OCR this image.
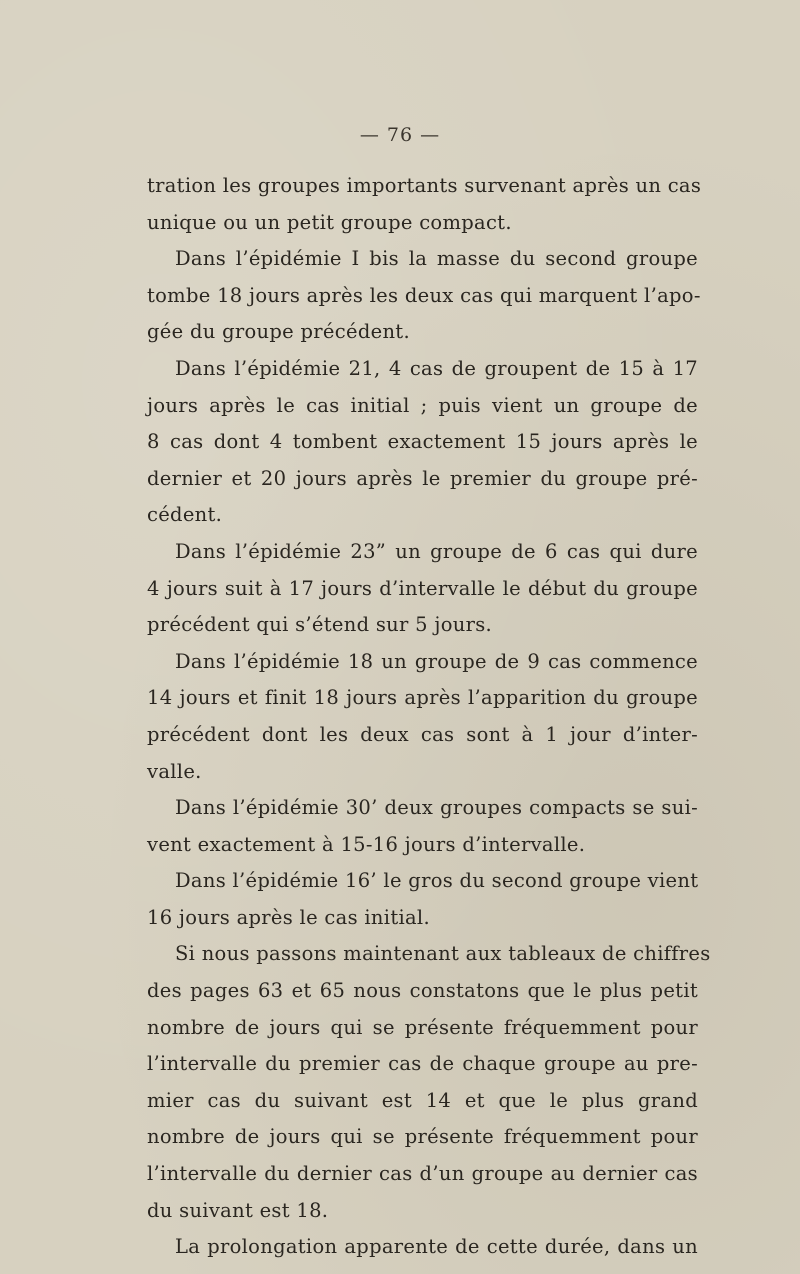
— 76 —
tration les groupes importants survenant après un cas
unique ou un petit groupe compact.
Dans l’épidémie I bis la masse du second groupe
tombe 18 jours après les deux cas qui marquent l’apo-
gée du groupe précédent.
Dans l’épidémie 21, 4 cas de groupent de 15 à 17
jours après le cas initial ; puis vient un groupe de
8 cas dont 4 tombent exactement 15 jours après le
dernier et 20 jours après le premier du groupe pré-
cédent.
Dans l’épidémie 23” un groupe de 6 cas qui dure
4 jours suit à 17 jours d’intervalle le début du groupe
précédent qui s’étend sur 5 jours.
Dans l’épidémie 18 un groupe de 9 cas commence
14 jours et finit 18 jours après l’apparition du groupe
précédent dont les deux cas sont à 1 jour d’inter-
valle.
Dans l’épidémie 30’ deux groupes compacts se sui-
vent exactement à 15-16 jours d’intervalle.
Dans l’épidémie 16’ le gros du second groupe vient
16 jours après le cas initial.
Si nous passons maintenant aux tableaux de chiffres
des pages 63 et 65 nous constatons que le plus petit
nombre de jours qui se présente fréquemment pour
l’intervalle du premier cas de chaque groupe au pre-
mier cas du suivant est 14 et que le plus grand
nombre de jours qui se présente fréquemment pour
l’intervalle du dernier cas d’un groupe au dernier cas
du suivant est 18.
La prolongation apparente de cette durée, dans un
